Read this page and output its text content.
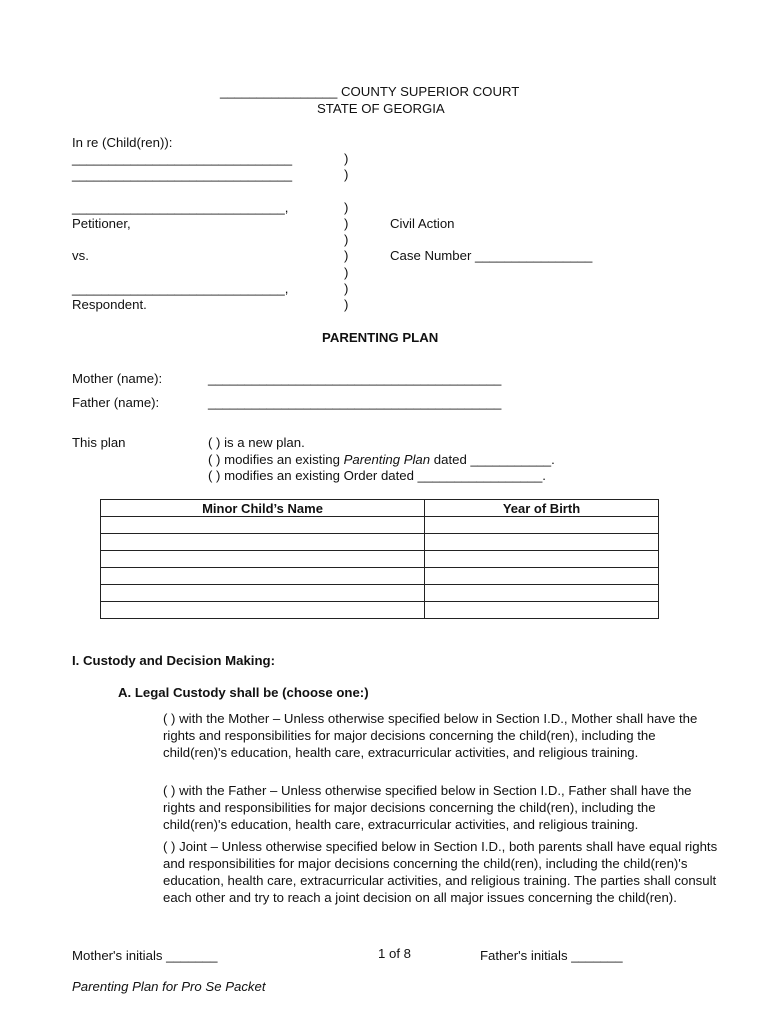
________________ COUNTY SUPERIOR COURT
STATE OF GEORGIA
In re (Child(ren)):
______________________________
______________________________
_____________________________,
Petitioner,
vs.
_____________________________,
Respondent.
)
)
)
)
)
)
)
)
)
Civil Action
Case Number ________________
PARENTING PLAN
Mother (name):	________________________________________
Father (name):	________________________________________
This plan	( ) is a new plan.
( ) modifies an existing Parenting Plan dated ___________.
( ) modifies an existing Order dated _________________.
Minor Child’s Name	Year of Birth

I. Custody and Decision Making:
A. Legal Custody shall be (choose one:)
( ) with the Mother – Unless otherwise specified below in Section I.D., Mother shall have the rights and responsibilities for major decisions concerning the child(ren), including the child(ren)'s education, health care, extracurricular activities, and religious training.
( ) with the Father – Unless otherwise specified below in Section I.D., Father shall have the rights and responsibilities for major decisions concerning the child(ren), including the child(ren)'s education, health care, extracurricular activities, and religious training.
( ) Joint – Unless otherwise specified below in Section I.D., both parents shall have equal rights and responsibilities for major decisions concerning the child(ren), including the child(ren)'s education, health care, extracurricular activities, and religious training. The parties shall consult each other and try to reach a joint decision on all major issues concerning the child(ren).
Mother's initials _______	1 of 8	Father's initials _______
Parenting Plan for Pro Se Packet
